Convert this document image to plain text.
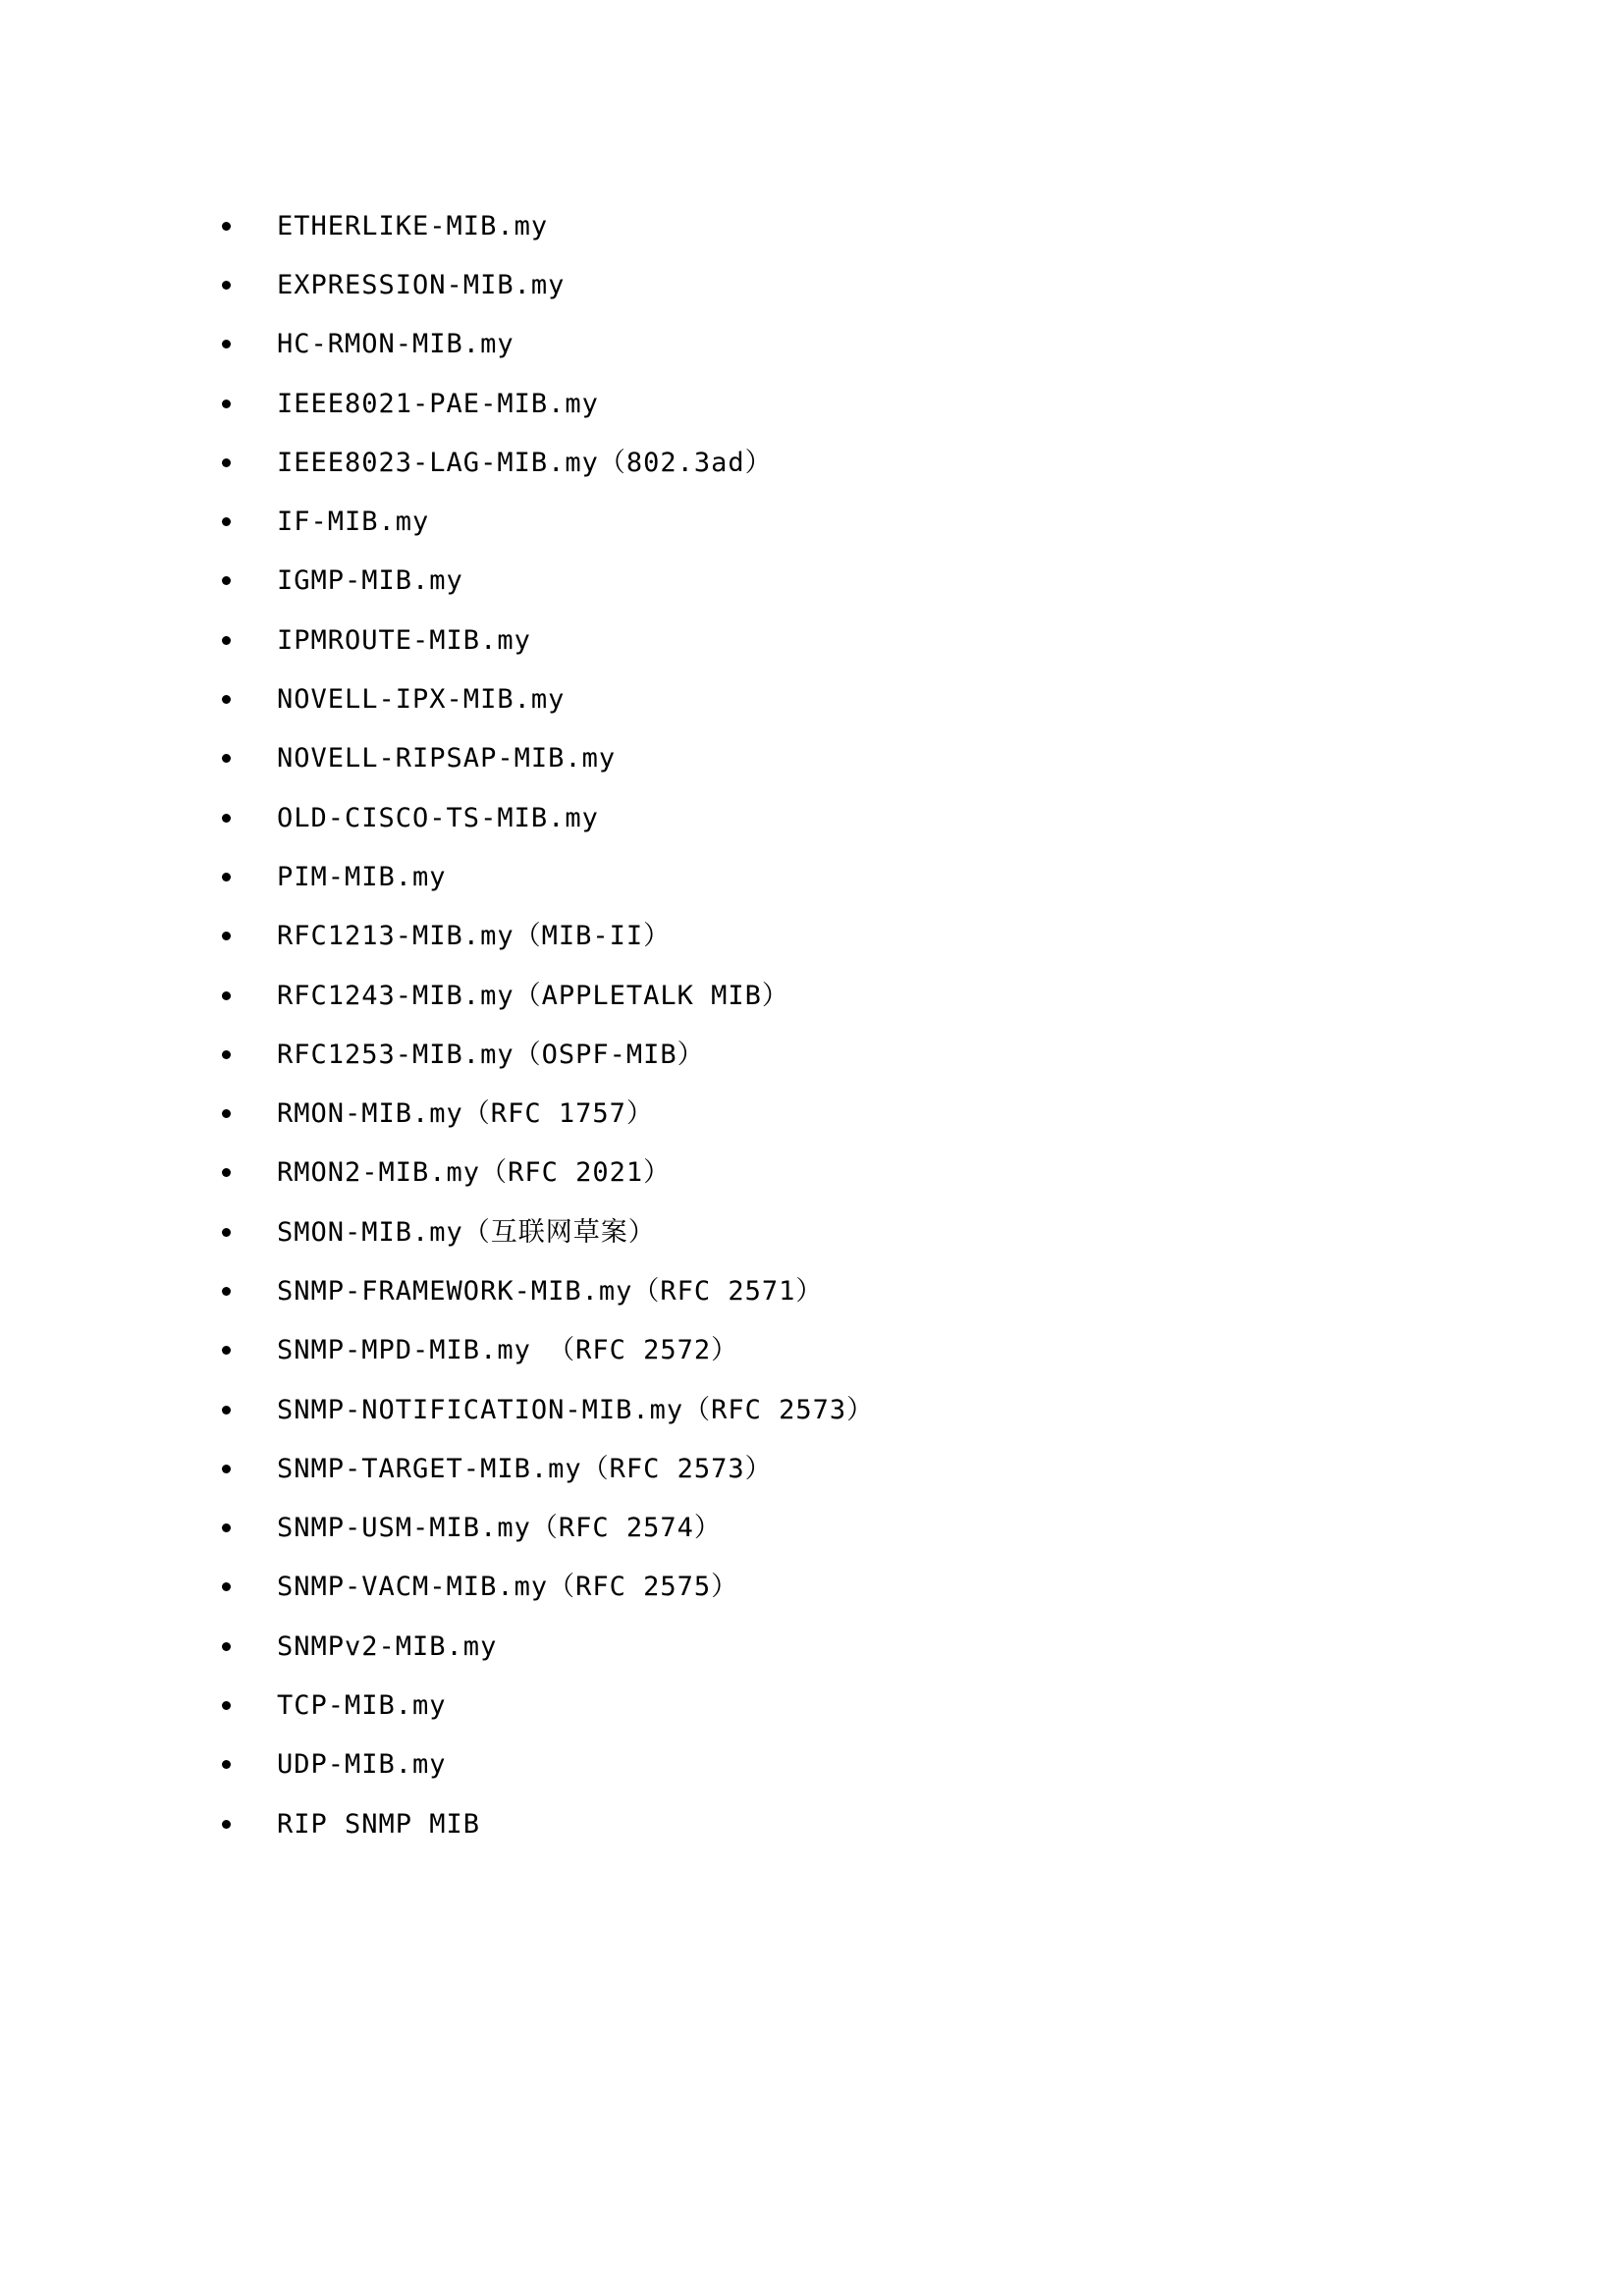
ETHERLIKE-MIB.my
EXPRESSION-MIB.my
HC-RMON-MIB.my
IEEE8021-PAE-MIB.my
IEEE8023-LAG-MIB.my（802.3ad）
IF-MIB.my
IGMP-MIB.my
IPMROUTE-MIB.my
NOVELL-IPX-MIB.my
NOVELL-RIPSAP-MIB.my
OLD-CISCO-TS-MIB.my
PIM-MIB.my
RFC1213-MIB.my（MIB-II）
RFC1243-MIB.my（APPLETALK MIB）
RFC1253-MIB.my（OSPF-MIB）
RMON-MIB.my（RFC 1757）
RMON2-MIB.my（RFC 2021）
SMON-MIB.my（互联网草案）
SNMP-FRAMEWORK-MIB.my（RFC 2571）
SNMP-MPD-MIB.my （RFC 2572）
SNMP-NOTIFICATION-MIB.my（RFC 2573）
SNMP-TARGET-MIB.my（RFC 2573）
SNMP-USM-MIB.my（RFC 2574）
SNMP-VACM-MIB.my（RFC 2575）
SNMPv2-MIB.my
TCP-MIB.my
UDP-MIB.my
RIP SNMP MIB
